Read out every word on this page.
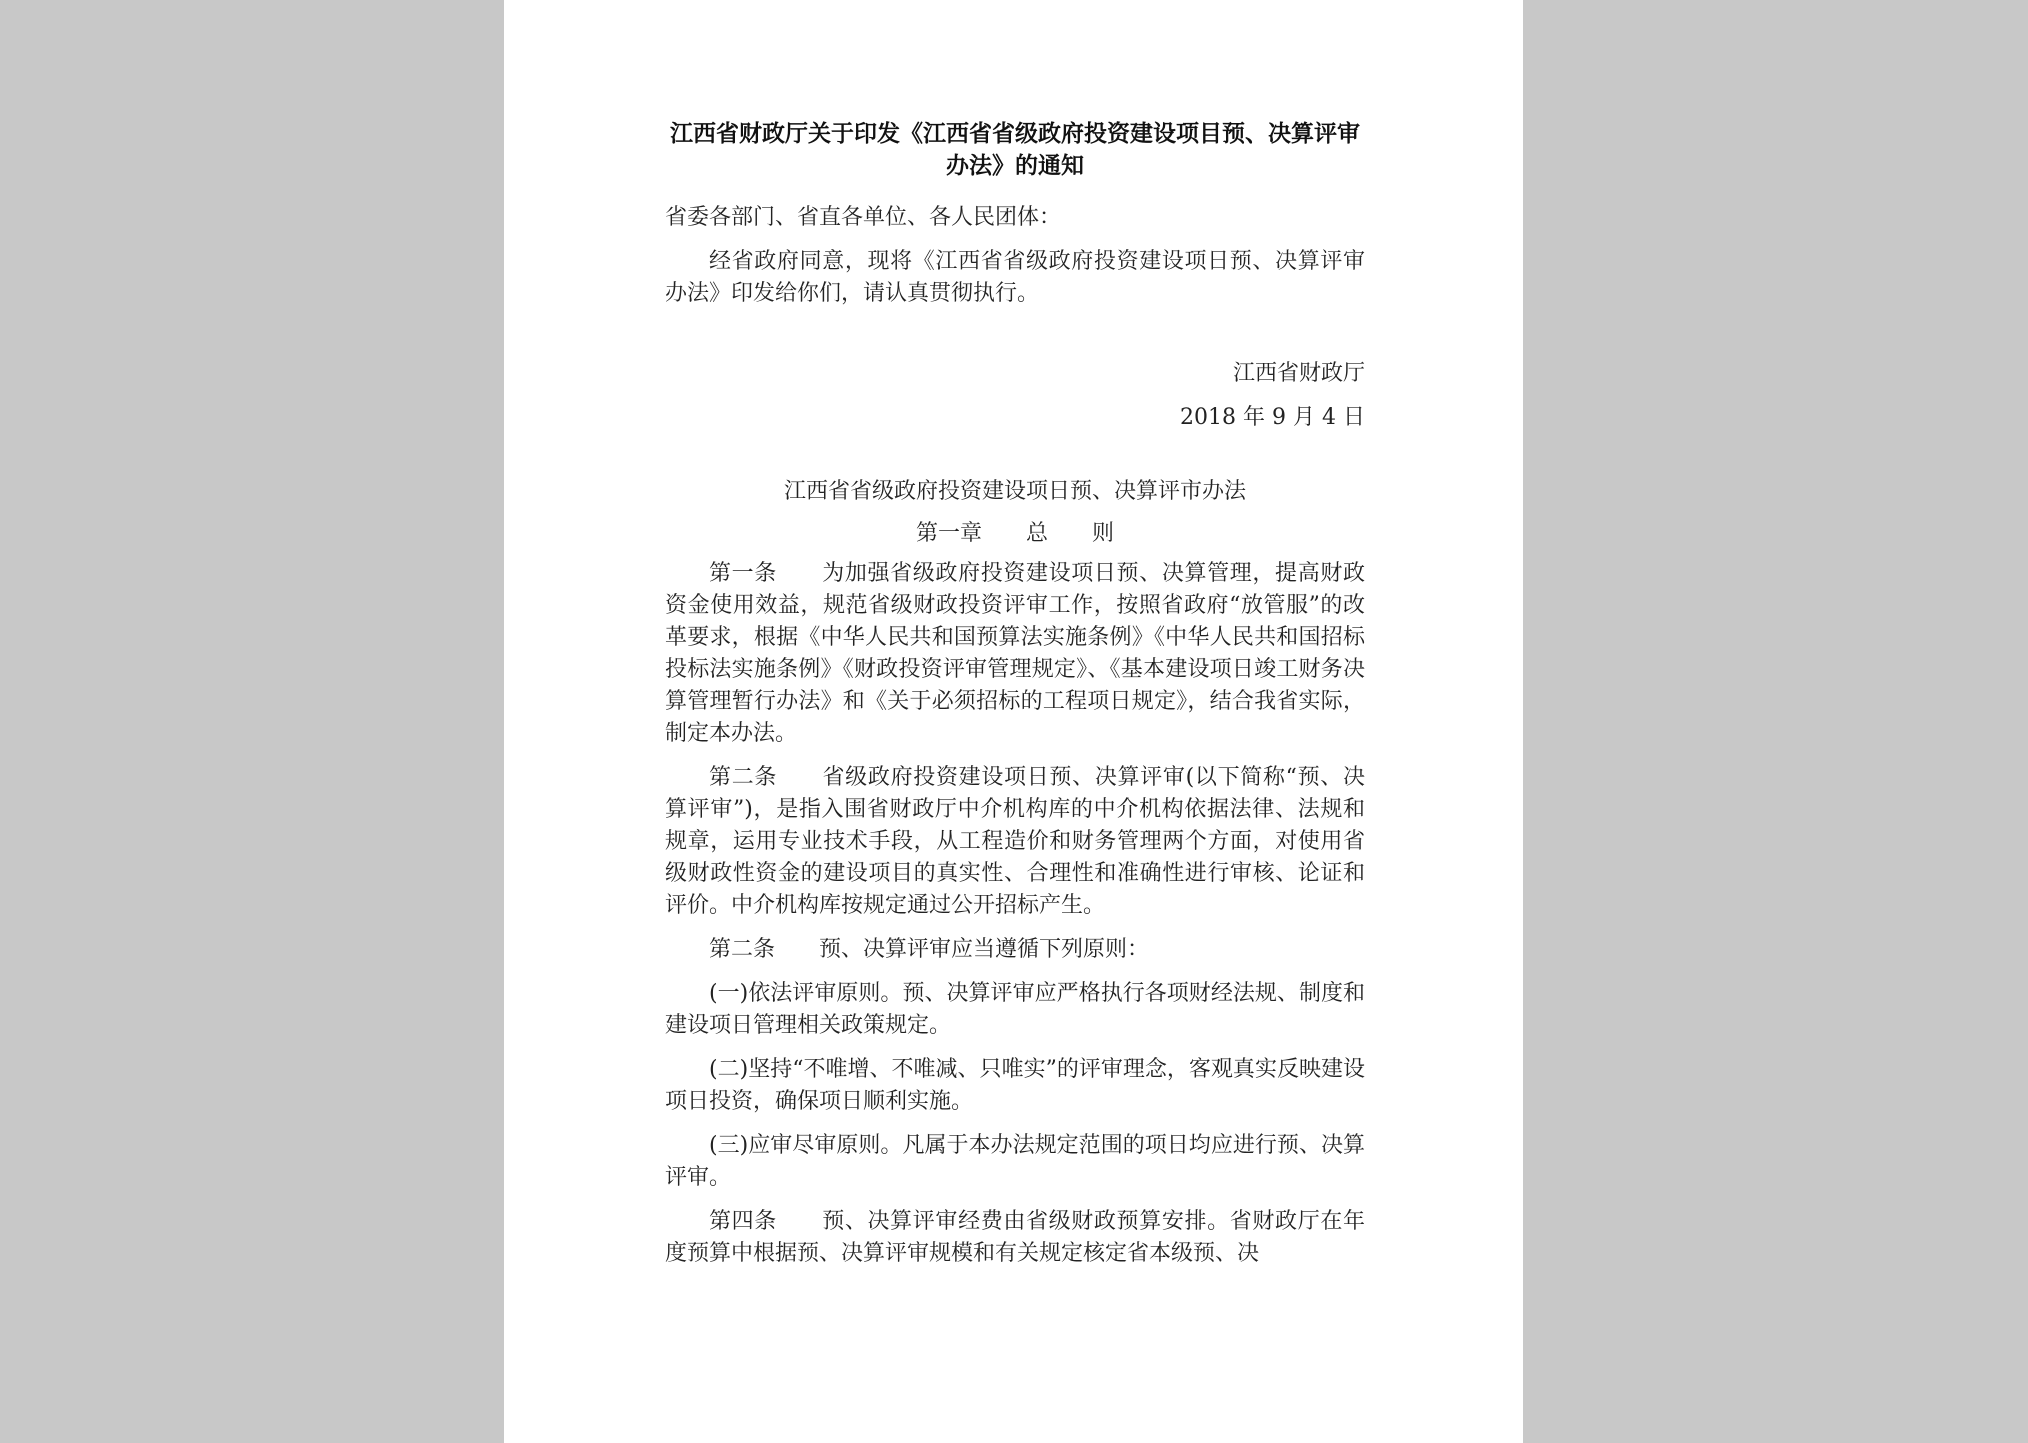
江西省财政厅关于印发《江西省省级政府投资建设项目预、决算评审办法》的通知
省委各部门、省直各单位、各人民团体：
经省政府同意，现将《江西省省级政府投资建设项日预、决算评审办法》印发给你们，请认真贯彻执行。
江西省财政厅
2018 年 9 月 4 日
江西省省级政府投资建设项日预、决算评市办法
第一章　　总　　则
第一条　　为加强省级政府投资建设项日预、决算管理，提高财政资金使用效益，规范省级财政投资评审工作，按照省政府“放管服”的改革要求，根据《中华人民共和国预算法实施条例》《中华人民共和国招标投标法实施条例》《财政投资评审管理规定》、《基本建设项日竣工财务决算管理暂行办法》和《关于必须招标的工程项日规定》，结合我省实际，制定本办法。
第二条　　省级政府投资建设项日预、决算评审(以下简称“预、决算评审”)，是指入围省财政厅中介机构库的中介机构依据法律、法规和规章，运用专业技术手段，从工程造价和财务管理两个方面，对使用省级财政性资金的建设项目的真实性、合理性和准确性进行审核、论证和评价。中介机构库按规定通过公开招标产生。
第二条　　预、决算评审应当遵循下列原则：
(一)依法评审原则。预、决算评审应严格执行各项财经法规、制度和建设项日管理相关政策规定。
(二)坚持“不唯增、不唯减、只唯实”的评审理念，客观真实反映建设项日投资，确保项日顺利实施。
(三)应审尽审原则。凡属于本办法规定范围的项日均应进行预、决算评审。
第四条　　预、决算评审经费由省级财政预算安排。省财政厅在年度预算中根据预、决算评审规模和有关规定核定省本级预、决
